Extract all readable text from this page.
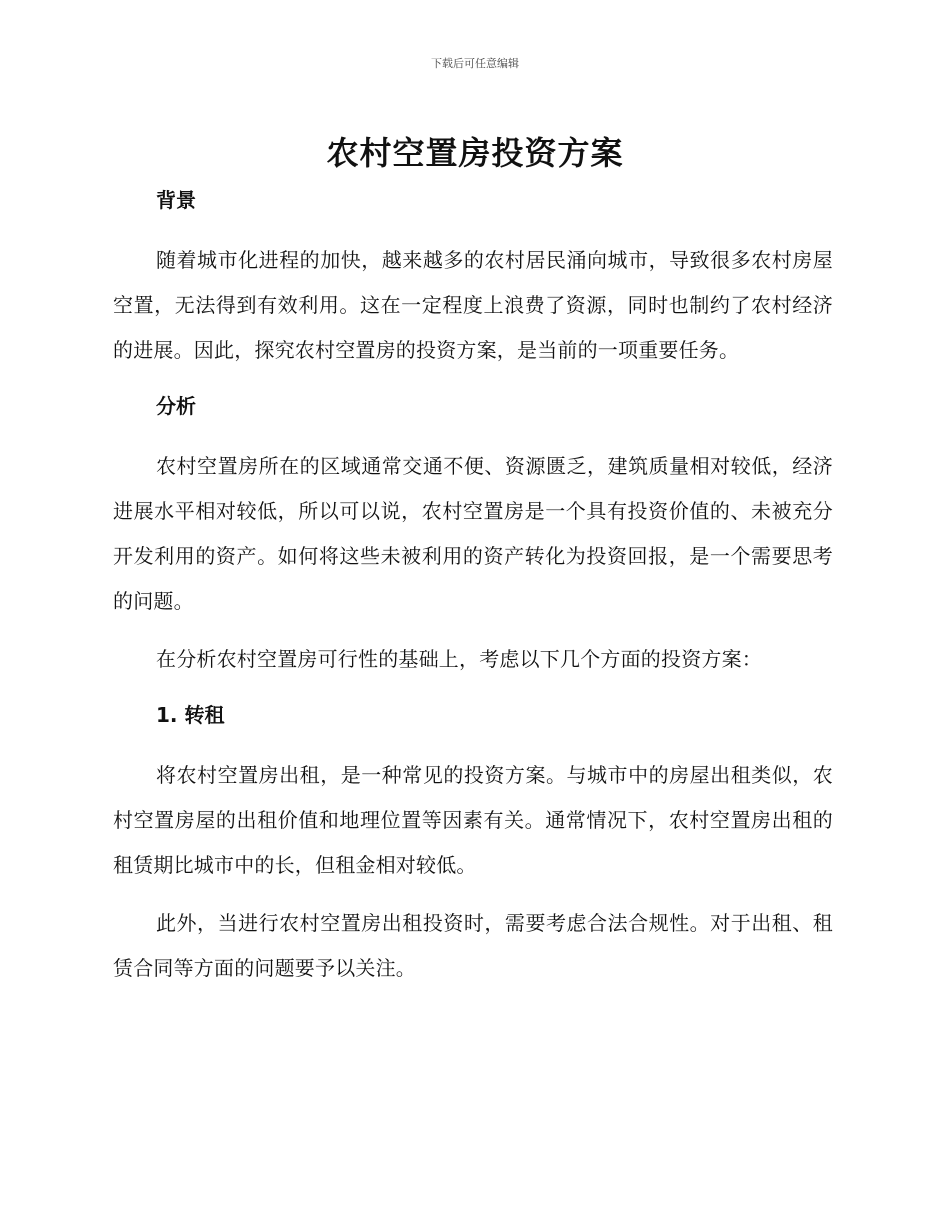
下载后可任意编辑
农村空置房投资方案
背景

随着城市化进程的加快，越来越多的农村居民涌向城市，导致很多农村房屋空置，无法得到有效利用。这在一定程度上浪费了资源，同时也制约了农村经济的进展。因此，探究农村空置房的投资方案，是当前的一项重要任务。

分析

农村空置房所在的区域通常交通不便、资源匮乏，建筑质量相对较低，经济进展水平相对较低，所以可以说，农村空置房是一个具有投资价值的、未被充分开发利用的资产。如何将这些未被利用的资产转化为投资回报，是一个需要思考的问题。

在分析农村空置房可行性的基础上，考虑以下几个方面的投资方案：

1. 转租

将农村空置房出租，是一种常见的投资方案。与城市中的房屋出租类似，农村空置房屋的出租价值和地理位置等因素有关。通常情况下，农村空置房出租的租赁期比城市中的长，但租金相对较低。

此外，当进行农村空置房出租投资时，需要考虑合法合规性。对于出租、租赁合同等方面的问题要予以关注。
